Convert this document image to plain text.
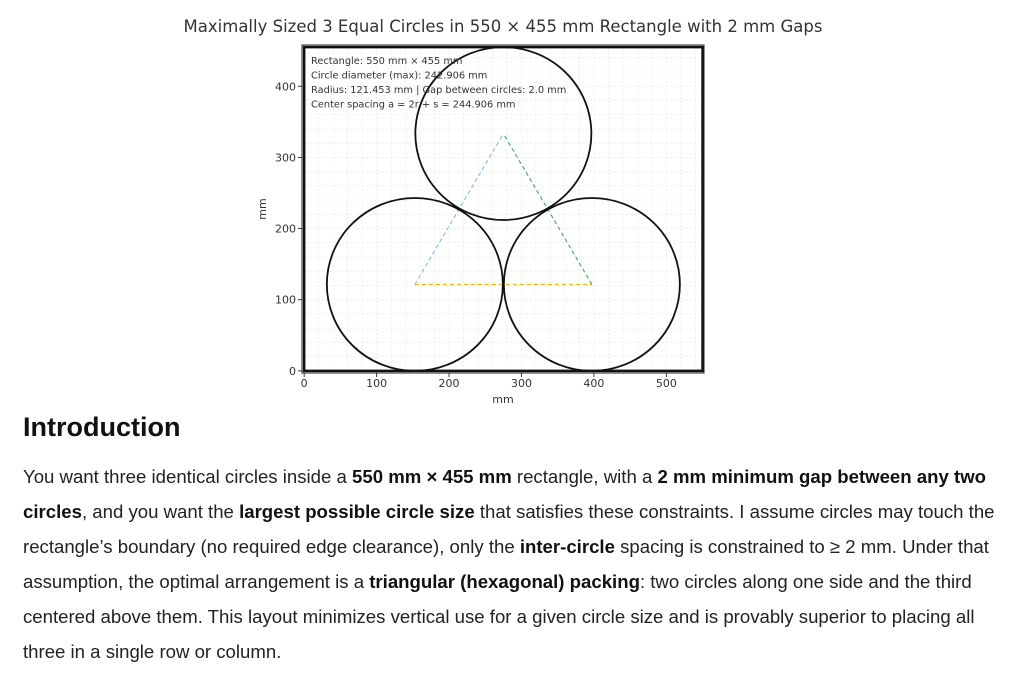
Maximally Sized 3 Equal Circles in 550 × 455 mm Rectangle with 2 mm Gaps
0	100	200	300	400	500
0
100
200
300
400
Rectangle: 550 mm × 455 mm
Circle diameter (max): 242.906 mm
Radius: 121.453 mm | Gap between circles: 2.0 mm
Center spacing a = 2r + s = 244.906 mm
mm
mm
Introduction

You want three identical circles inside a 550 mm × 455 mm rectangle, with a 2 mm minimum gap between any two circles, and you want the largest possible circle size that satisfies these constraints. I assume circles may touch the rectangle’s boundary (no required edge clearance), only the inter-circle spacing is constrained to ≥ 2 mm. Under that assumption, the optimal arrangement is a triangular (hexagonal) packing: two circles along one side and the third centered above them. This layout minimizes vertical use for a given circle size and is provably superior to placing all three in a single row or column.
